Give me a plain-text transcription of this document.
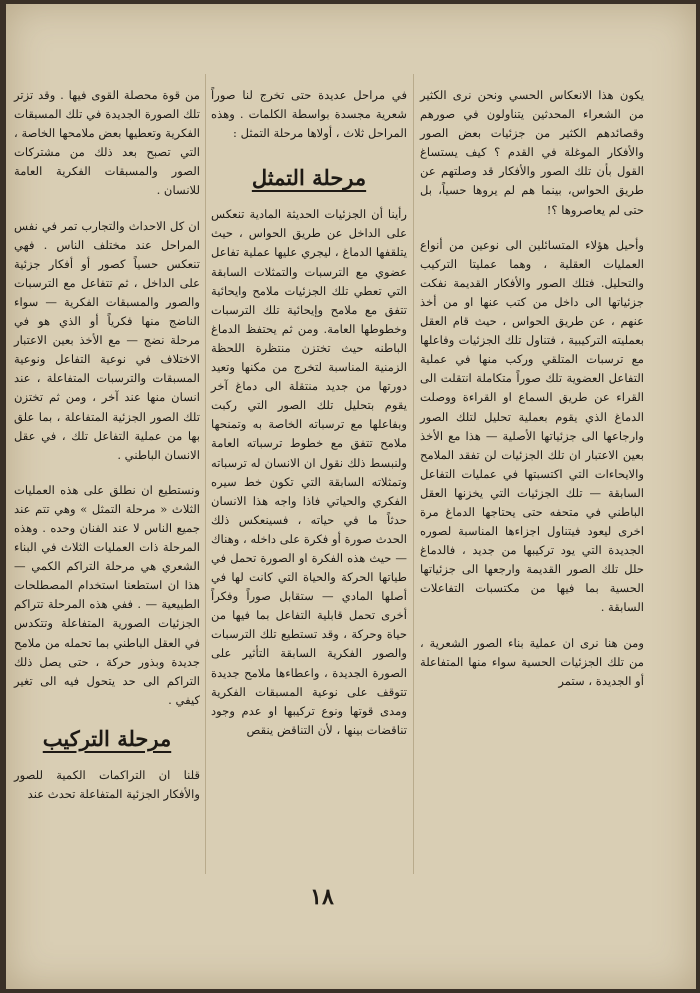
يكون هذا الانعكاس الحسي ونحن نرى الكثير من الشعراء المحدثين يتناولون في صورهم وقصائدهم الكثير من جزئيات بعض الصور والأفكار الموغلة في القدم ؟ كيف يستساغ القول بأن تلك الصور والأفكار قد وصلتهم عن طريق الحواس، بينما هم لم يروها حسياً، بل حتى لم يعاصروها ؟!

وأحيل هؤلاء المتسائلين الى نوعين من أنواع العمليات العقلية ، وهما عمليتا التركيب والتحليل. فتلك الصور والأفكار القديمة نفكت جزئياتها الى داخل من كتب عنها او من أخذ عنهم ، عن طريق الحواس ، حيث قام العقل بعمليته التركيبية ، فتناول تلك الجزئيات وفاعلها مع ترسبات المتلقي وركب منها في عملية التفاعل العضوية تلك صوراً متكاملة انتقلت الى القراء عن طريق السماع او القراءة ووصلت الدماغ الذي يقوم بعملية تحليل لتلك الصور وارجاعها الى جزئياتها الأصلية — هذا مع الأخذ بعين الاعتبار ان تلك الجزئيات لن تفقد الملامح والايحاءات التي اكتسبتها في عمليات التفاعل السابقة — تلك الجزئيات التي يخزنها العقل الباطني في متحفه حتى يحتاجها الدماغ مرة اخرى ليعود فيتناول اجزاءها المناسبة لصوره الجديدة التي يود تركيبها من جديد ، فالدماغ حلل تلك الصور القديمة وارجعها الى جزئياتها الحسية بما فيها من مكتسبات التفاعلات السابقة .

ومن هنا نرى ان عملية بناء الصور الشعرية ، من تلك الجزئيات الحسية سواء منها المتفاعلة أو الجديدة ، ستمر

في مراحل عديدة حتى تخرج لنا صوراً شعرية مجسدة بواسطة الكلمات . وهذه المراحل ثلاث ، أولاها مرحلة التمثل :

مرحلة التمثل

رأينا أن الجزئيات الحديثة المادية تنعكس على الداخل عن طريق الحواس ، حيث يتلقفها الدماغ ، ليجري عليها عملية تفاعل عضوي مع الترسبات والتمثلات السابقة التي تعطي تلك الجزئيات ملامح وايحائية تتفق مع ملامح وإيحائية تلك الترسبات وخطوطها العامة. ومن ثم يحتفظ الدماغ الباطنه حيث تختزن منتظرة اللحظة الزمنية المناسبة لتخرج من مكنها وتعيد دورتها من جديد منتقلة الى دماغ آخر يقوم بتحليل تلك الصور التي ركبت وبفاعلها مع ترسباته الخاصة به وتمنحها ملامح تتفق مع خطوط ترسباته العامة ولنبسط ذلك نقول ان الانسان له ترسباته وتمثلاته السابقة التي تكون خط سيره الفكري والحياتي فاذا واجه هذا الانسان حدثاً ما في حياته ، فسينعكس ذلك الحدث صورة أو فكرة على داخله ، وهناك — حيث هذه الفكرة او الصورة تحمل في طياتها الحركة والحياة التي كانت لها في أصلها المادي — ستقابل صوراً وفكراً أخرى تحمل قابلية التفاعل بما فيها من حياة وحركة ، وقد تستطيع تلك الترسبات والصور الفكرية السابقة التأثير على الصورة الجديدة ، واعطاءها ملامح جديدة تتوقف على نوعية المسبقات الفكرية ومدى قوتها ونوع تركيبها او عدم وجود تناقضات بينها ، لأن التناقض ينقص

من قوة محصلة القوى فيها . وقد تزتر تلك الصورة الجديدة في تلك المسبقات الفكرية وتعطيها بعض ملامحها الخاصة ، التي تصبح بعد ذلك من مشتركات الصور والمسبقات الفكرية العامة للانسان .

ان كل الاحداث والتجارب تمر في نفس المراحل عند مختلف الناس . فهي تنعكس حسياً كصور أو أفكار جزئية على الداخل ، ثم تتفاعل مع الترسبات والصور والمسبقات الفكرية — سواء الناضج منها فكرياً أو الذي هو في مرحلة نضج — مع الأخذ بعين الاعتبار الاختلاف في نوعية التفاعل ونوعية المسبقات والترسبات المتفاعلة ، عند انسان منها عند آخر ، ومن ثم تختزن تلك الصور الجزئية المتفاعلة ، بما علق بها من عملية التفاعل تلك ، في عقل الانسان الباطني .

ونستطيع ان نطلق على هذه العمليات الثلاث « مرحلة التمثل » وهي تتم عند جميع الناس لا عند الفنان وحده . وهذه المرحلة ذات العمليات الثلاث في البناء الشعري هي مرحلة التراكم الكمي — هذا ان استطعنا استخدام المصطلحات الطبيعية — . ففي هذه المرحلة تتراكم الجزئيات الصورية المتفاعلة وتتكدس في العقل الباطني بما تحمله من ملامح جديدة وبذور حركة ، حتى يصل ذلك التراكم الى حد يتحول فيه الى تغير كيفي .

مرحلة التركيب

قلنا ان التراكمات الكمية للصور والأفكار الجزئية المتفاعلة تحدث عند

١٨
